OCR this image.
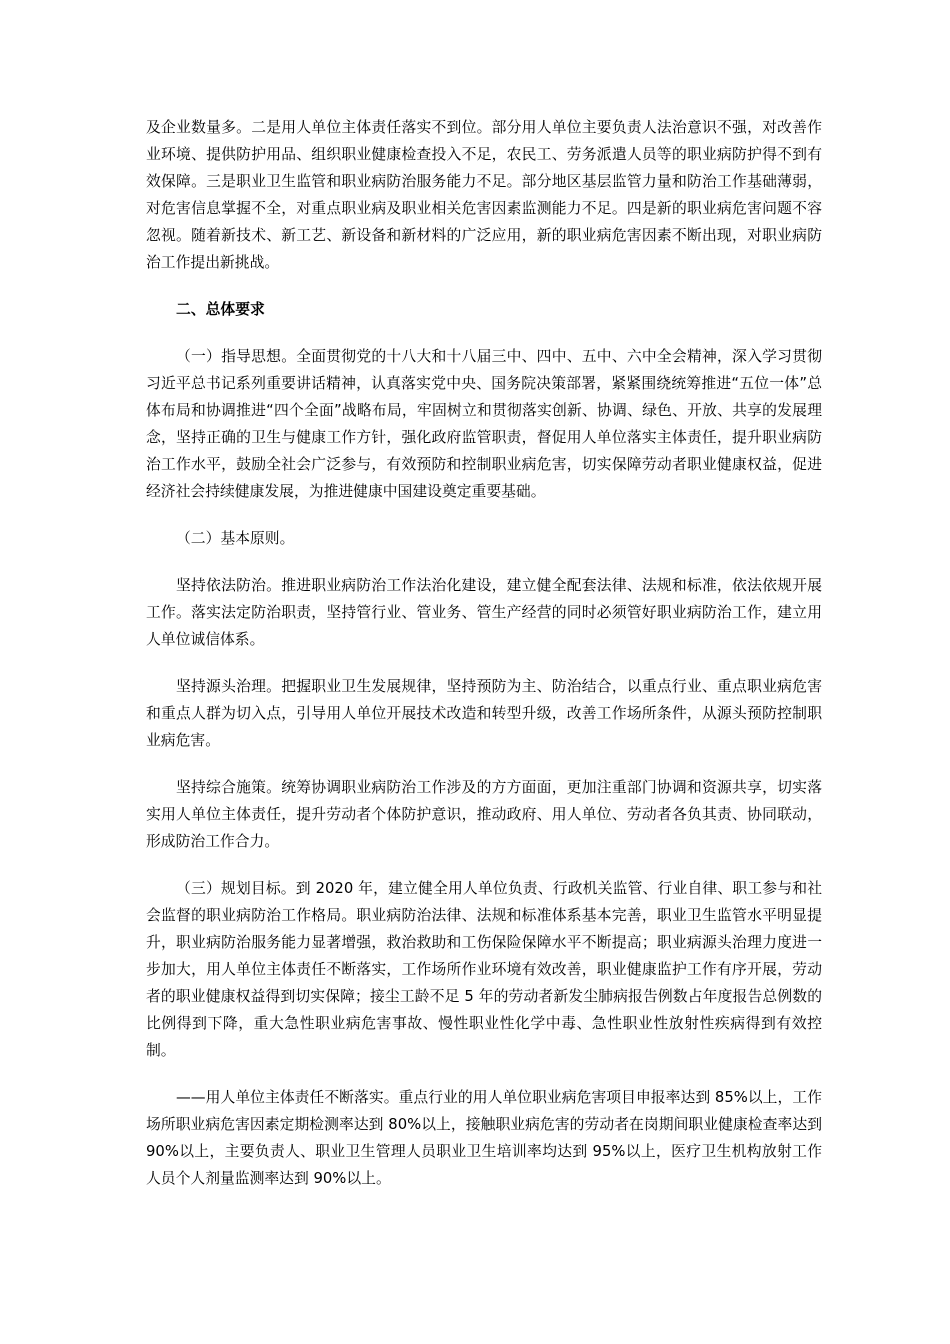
及企业数量多。二是用人单位主体责任落实不到位。部分用人单位主要负责人法治意识不强，对改善作业环境、提供防护用品、组织职业健康检查投入不足，农民工、劳务派遣人员等的职业病防护得不到有效保障。三是职业卫生监管和职业病防治服务能力不足。部分地区基层监管力量和防治工作基础薄弱，对危害信息掌握不全，对重点职业病及职业相关危害因素监测能力不足。四是新的职业病危害问题不容忽视。随着新技术、新工艺、新设备和新材料的广泛应用，新的职业病危害因素不断出现，对职业病防治工作提出新挑战。

二、总体要求

（一）指导思想。全面贯彻党的十八大和十八届三中、四中、五中、六中全会精神，深入学习贯彻习近平总书记系列重要讲话精神，认真落实党中央、国务院决策部署，紧紧围绕统筹推进“五位一体”总体布局和协调推进“四个全面”战略布局，牢固树立和贯彻落实创新、协调、绿色、开放、共享的发展理念，坚持正确的卫生与健康工作方针，强化政府监管职责，督促用人单位落实主体责任，提升职业病防治工作水平，鼓励全社会广泛参与，有效预防和控制职业病危害，切实保障劳动者职业健康权益，促进经济社会持续健康发展，为推进健康中国建设奠定重要基础。

（二）基本原则。

坚持依法防治。推进职业病防治工作法治化建设，建立健全配套法律、法规和标准，依法依规开展工作。落实法定防治职责，坚持管行业、管业务、管生产经营的同时必须管好职业病防治工作，建立用人单位诚信体系。

坚持源头治理。把握职业卫生发展规律，坚持预防为主、防治结合，以重点行业、重点职业病危害和重点人群为切入点，引导用人单位开展技术改造和转型升级，改善工作场所条件，从源头预防控制职业病危害。

坚持综合施策。统筹协调职业病防治工作涉及的方方面面，更加注重部门协调和资源共享，切实落实用人单位主体责任，提升劳动者个体防护意识，推动政府、用人单位、劳动者各负其责、协同联动，形成防治工作合力。

（三）规划目标。到 2020 年，建立健全用人单位负责、行政机关监管、行业自律、职工参与和社会监督的职业病防治工作格局。职业病防治法律、法规和标准体系基本完善，职业卫生监管水平明显提升，职业病防治服务能力显著增强，救治救助和工伤保险保障水平不断提高；职业病源头治理力度进一步加大，用人单位主体责任不断落实，工作场所作业环境有效改善，职业健康监护工作有序开展，劳动者的职业健康权益得到切实保障；接尘工龄不足 5 年的劳动者新发尘肺病报告例数占年度报告总例数的比例得到下降，重大急性职业病危害事故、慢性职业性化学中毒、急性职业性放射性疾病得到有效控制。

——用人单位主体责任不断落实。重点行业的用人单位职业病危害项目申报率达到 85%以上，工作场所职业病危害因素定期检测率达到 80%以上，接触职业病危害的劳动者在岗期间职业健康检查率达到 90%以上，主要负责人、职业卫生管理人员职业卫生培训率均达到 95%以上，医疗卫生机构放射工作人员个人剂量监测率达到 90%以上。
